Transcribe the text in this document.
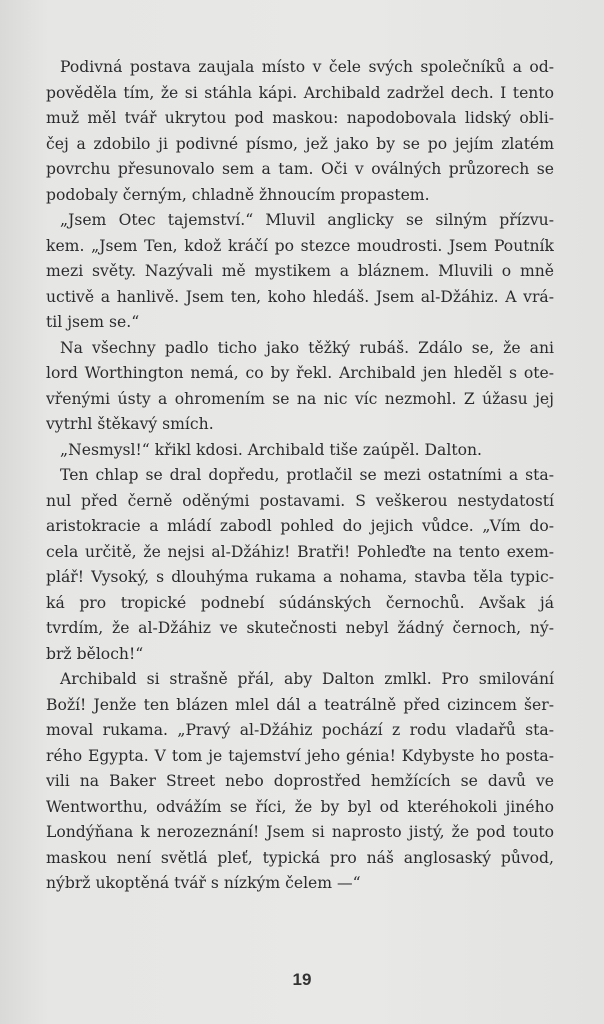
Podivná postava zaujala místo v čele svých společníků a od-
pověděla tím, že si stáhla kápi. Archibald zadržel dech. I tento
muž měl tvář ukrytou pod maskou: napodobovala lidský obli-
čej a zdobilo ji podivné písmo, jež jako by se po jejím zlatém
povrchu přesunovalo sem a tam. Oči v oválných průzorech se
podobaly černým, chladně žhnoucím propastem.
„Jsem Otec tajemství.“ Mluvil anglicky se silným přízvu-
kem. „Jsem Ten, kdož kráčí po stezce moudrosti. Jsem Poutník
mezi světy. Nazývali mě mystikem a bláznem. Mluvili o mně
uctivě a hanlivě. Jsem ten, koho hledáš. Jsem al-Džáhiz. A vrá-
til jsem se.“
Na všechny padlo ticho jako těžký rubáš. Zdálo se, že ani
lord Worthington nemá, co by řekl. Archibald jen hleděl s ote-
vřenými ústy a ohromením se na nic víc nezmohl. Z úžasu jej
vytrhl štěkavý smích.
„Nesmysl!“ křikl kdosi. Archibald tiše zaúpěl. Dalton.
Ten chlap se dral dopředu, protlačil se mezi ostatními a sta-
nul před černě oděnými postavami. S veškerou nestydatostí
aristokracie a mládí zabodl pohled do jejich vůdce. „Vím do-
cela určitě, že nejsi al-Džáhiz! Bratři! Pohleďte na tento exem-
plář! Vysoký, s dlouhýma rukama a nohama, stavba těla typic-
ká pro tropické podnebí súdánských černochů. Avšak já
tvrdím, že al-Džáhiz ve skutečnosti nebyl žádný černoch, ný-
brž běloch!“
Archibald si strašně přál, aby Dalton zmlkl. Pro smilování
Boží! Jenže ten blázen mlel dál a teatrálně před cizincem šer-
moval rukama. „Pravý al-Džáhiz pochází z rodu vladařů sta-
rého Egypta. V tom je tajemství jeho génia! Kdybyste ho posta-
vili na Baker Street nebo doprostřed hemžících se davů ve
Wentworthu, odvážím se říci, že by byl od kteréhokoli jiného
Londýňana k nerozeznání! Jsem si naprosto jistý, že pod touto
maskou není světlá pleť, typická pro náš anglosaský původ,
nýbrž ukoptěná tvář s nízkým čelem —“
19
